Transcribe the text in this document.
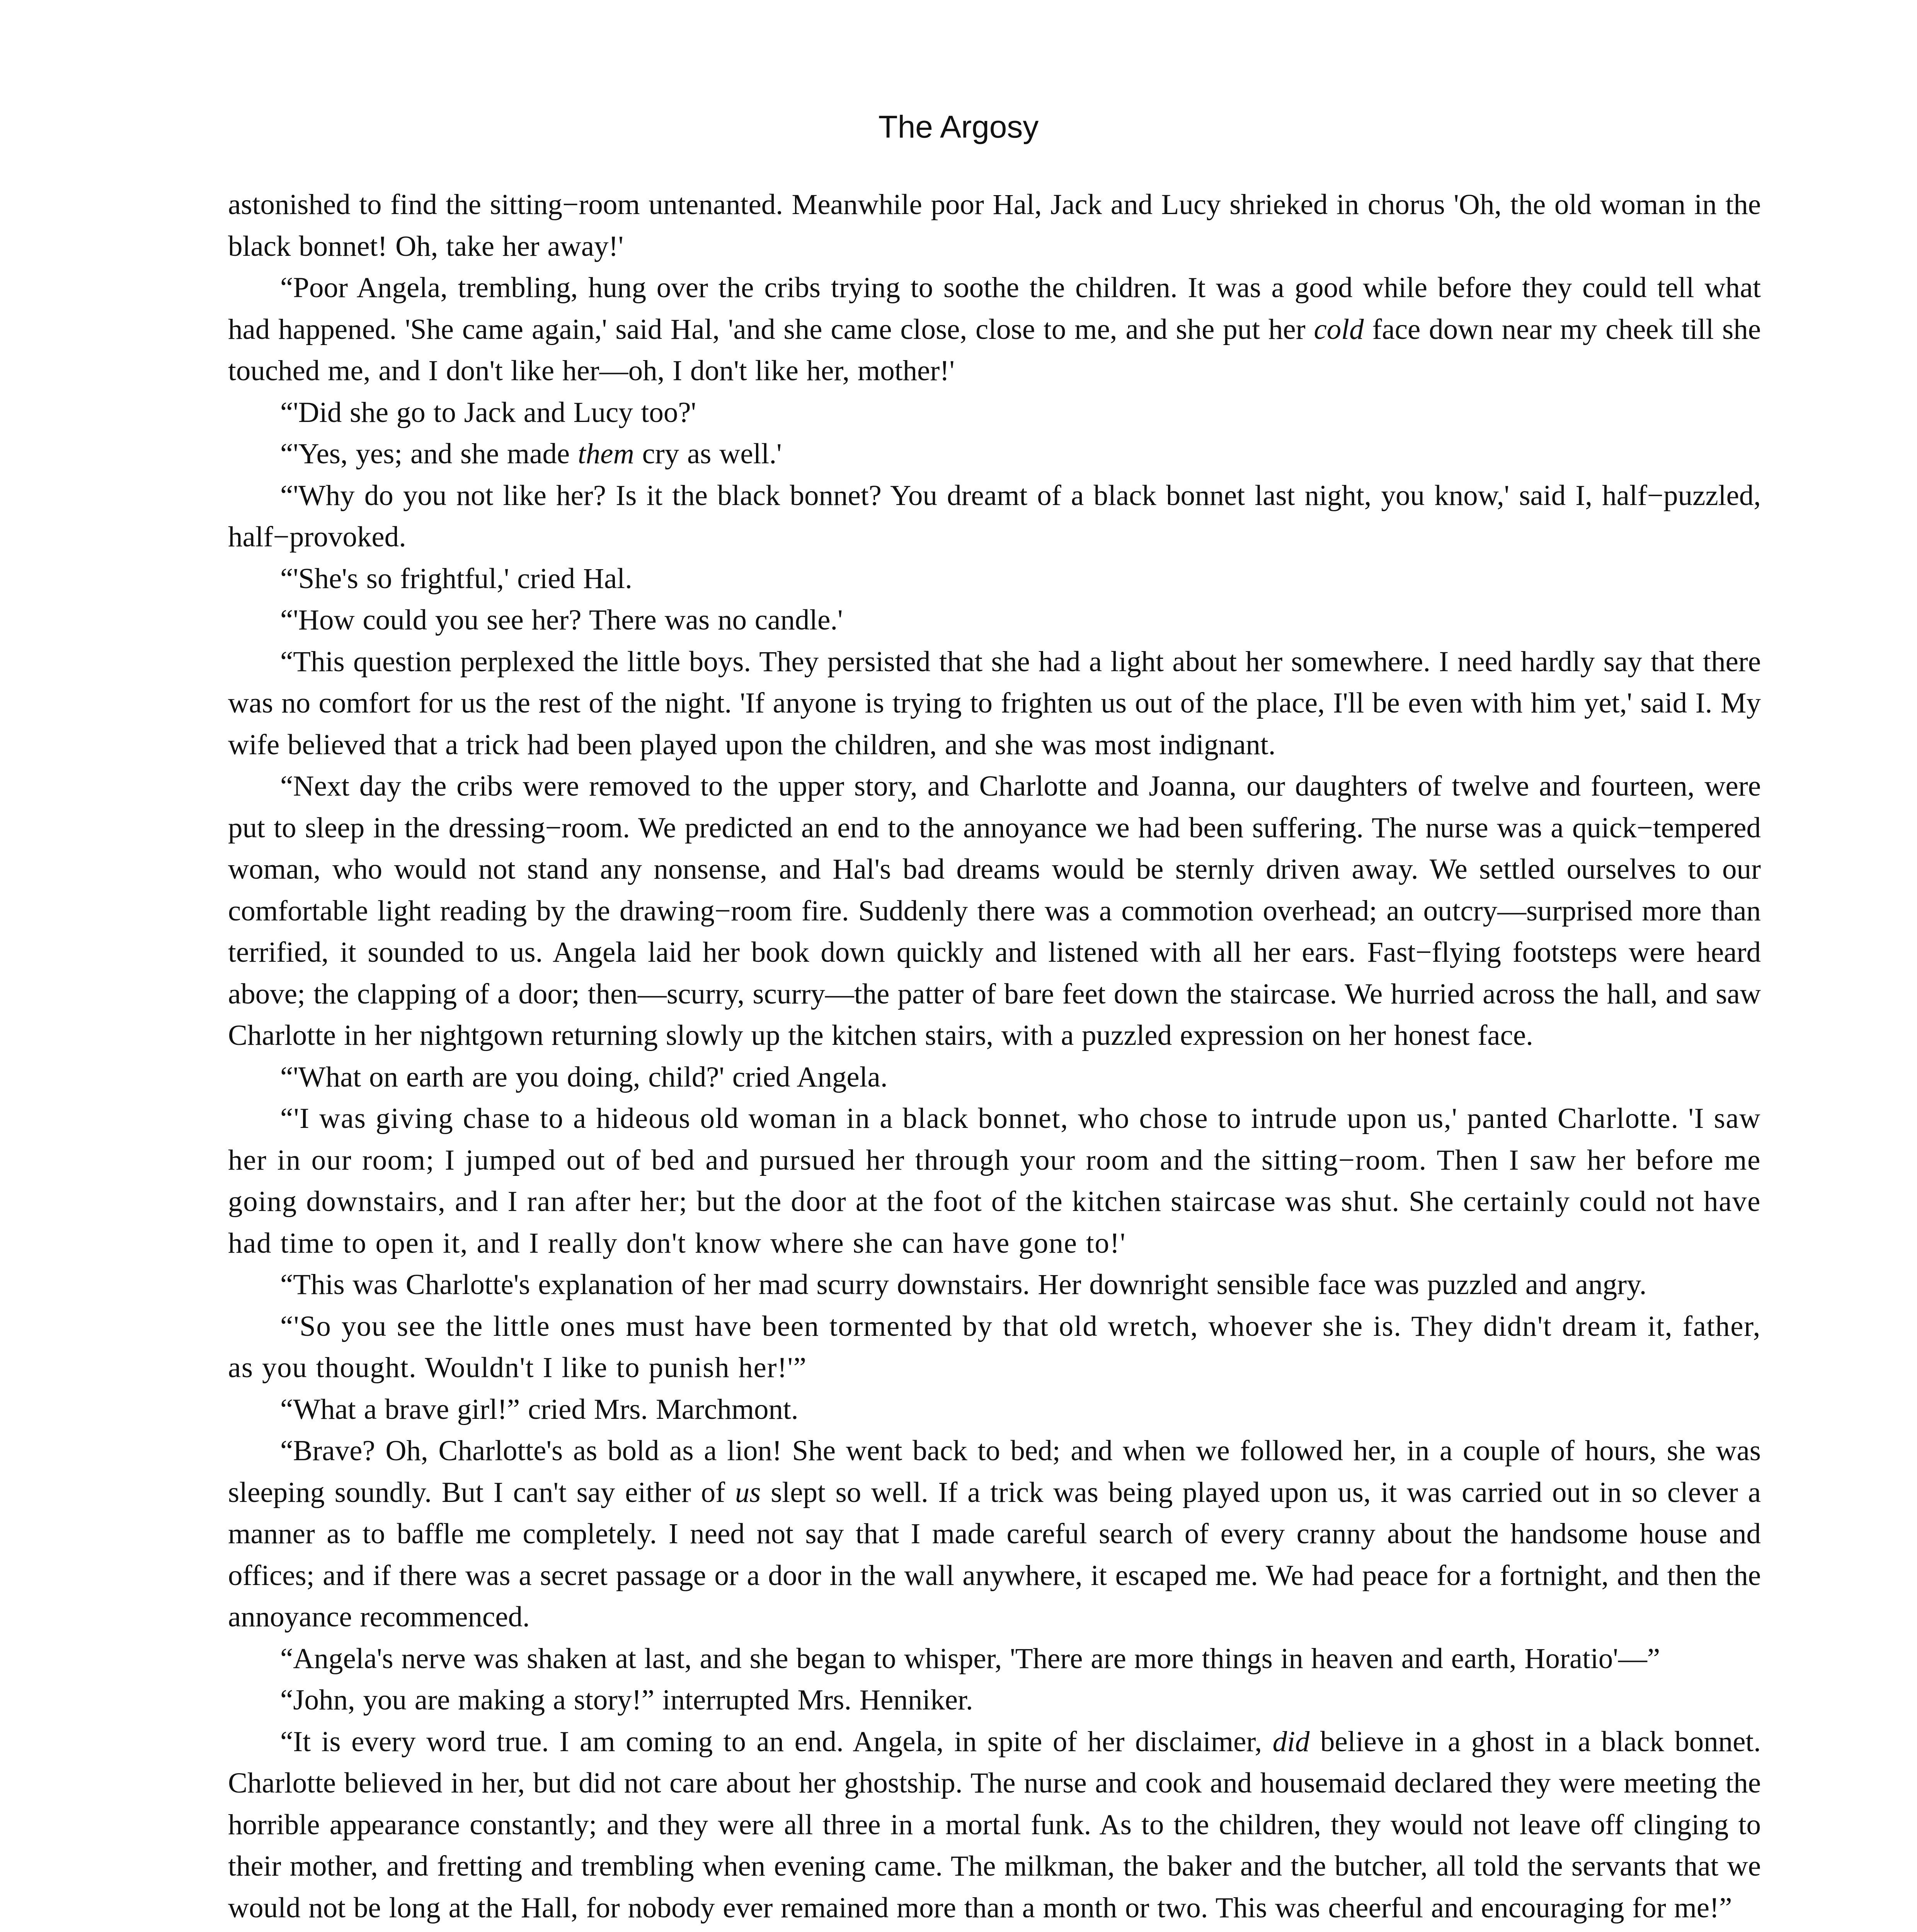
The Argosy

astonished to find the sitting−room untenanted. Meanwhile poor Hal, Jack and Lucy shrieked in chorus 'Oh, the old woman in the black bonnet! Oh, take her away!'

“Poor Angela, trembling, hung over the cribs trying to soothe the children. It was a good while before they could tell what had happened. 'She came again,' said Hal, 'and she came close, close to me, and she put her cold face down near my cheek till she touched me, and I don't like her—oh, I don't like her, mother!'

“'Did she go to Jack and Lucy too?'

“'Yes, yes; and she made them cry as well.'

“'Why do you not like her? Is it the black bonnet? You dreamt of a black bonnet last night, you know,' said I, half−puzzled, half−provoked.

“'She's so frightful,' cried Hal.

“'How could you see her? There was no candle.'

“This question perplexed the little boys. They persisted that she had a light about her somewhere. I need hardly say that there was no comfort for us the rest of the night. 'If anyone is trying to frighten us out of the place, I'll be even with him yet,' said I. My wife believed that a trick had been played upon the children, and she was most indignant.

“Next day the cribs were removed to the upper story, and Charlotte and Joanna, our daughters of twelve and fourteen, were put to sleep in the dressing−room. We predicted an end to the annoyance we had been suffering. The nurse was a quick−tempered woman, who would not stand any nonsense, and Hal's bad dreams would be sternly driven away. We settled ourselves to our comfortable light reading by the drawing−room fire. Suddenly there was a commotion overhead; an outcry—surprised more than terrified, it sounded to us. Angela laid her book down quickly and listened with all her ears. Fast−flying footsteps were heard above; the clapping of a door; then—scurry, scurry—the patter of bare feet down the staircase. We hurried across the hall, and saw Charlotte in her nightgown returning slowly up the kitchen stairs, with a puzzled expression on her honest face.

“'What on earth are you doing, child?' cried Angela.

“'I was giving chase to a hideous old woman in a black bonnet, who chose to intrude upon us,' panted Charlotte. 'I saw her in our room; I jumped out of bed and pursued her through your room and the sitting−room. Then I saw her before me going downstairs, and I ran after her; but the door at the foot of the kitchen staircase was shut. She certainly could not have had time to open it, and I really don't know where she can have gone to!'

“This was Charlotte's explanation of her mad scurry downstairs. Her downright sensible face was puzzled and angry.

“'So you see the little ones must have been tormented by that old wretch, whoever she is. They didn't dream it, father, as you thought. Wouldn't I like to punish her!'”

“What a brave girl!” cried Mrs. Marchmont.

“Brave? Oh, Charlotte's as bold as a lion! She went back to bed; and when we followed her, in a couple of hours, she was sleeping soundly. But I can't say either of us slept so well. If a trick was being played upon us, it was carried out in so clever a manner as to baffle me completely. I need not say that I made careful search of every cranny about the handsome house and offices; and if there was a secret passage or a door in the wall anywhere, it escaped me. We had peace for a fortnight, and then the annoyance recommenced.

“Angela's nerve was shaken at last, and she began to whisper, 'There are more things in heaven and earth, Horatio'—”

“John, you are making a story!” interrupted Mrs. Henniker.

“It is every word true. I am coming to an end. Angela, in spite of her disclaimer, did believe in a ghost in a black bonnet. Charlotte believed in her, but did not care about her ghostship. The nurse and cook and housemaid declared they were meeting the horrible appearance constantly; and they were all three in a mortal funk. As to the children, they would not leave off clinging to their mother, and fretting and trembling when evening came. The milkman, the baker and the butcher, all told the servants that we would not be long at the Hall, for nobody ever remained more than a month or two. This was cheerful and encouraging for me!”
